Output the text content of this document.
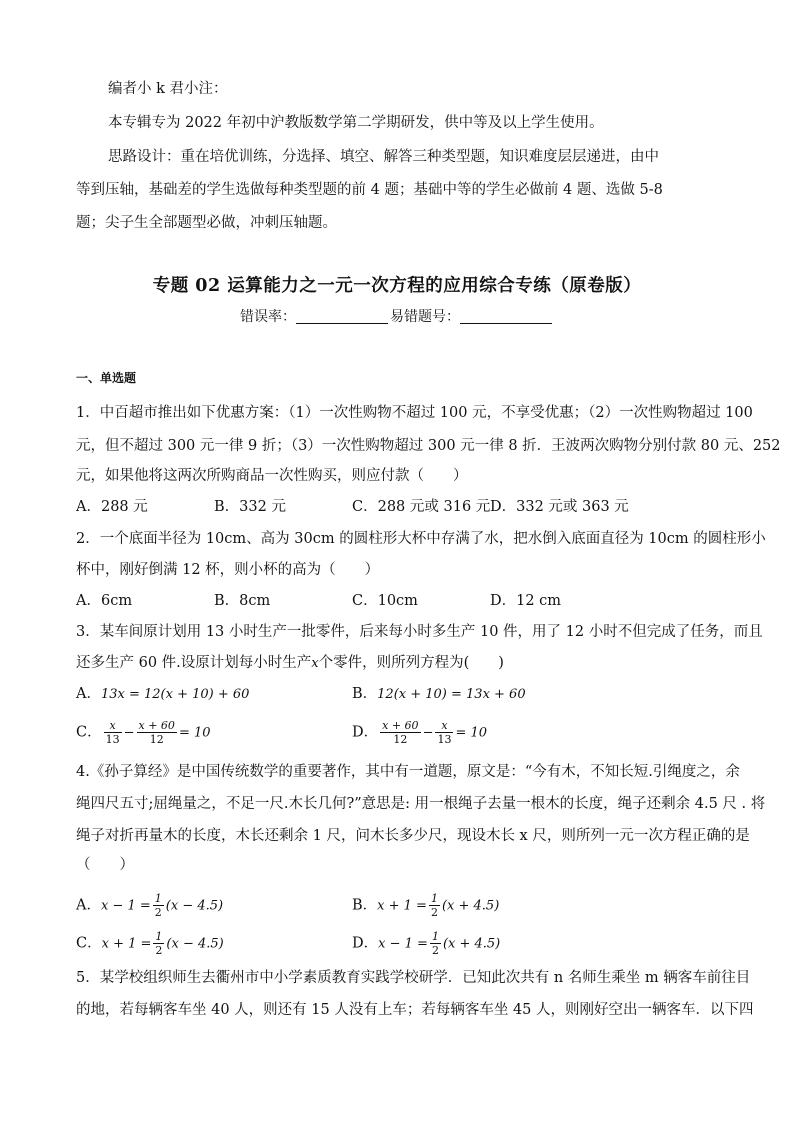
编者小 k 君小注：
本专辑专为 2022 年初中沪教版数学第二学期研发，供中等及以上学生使用。
思路设计：重在培优训练，分选择、填空、解答三种类型题，知识难度层层递进，由中
等到压轴，基础差的学生选做每种类型题的前 4 题；基础中等的学生必做前 4 题、选做 5-8
题；尖子生全部题型必做，冲刺压轴题。
专题 02 运算能力之一元一次方程的应用综合专练（原卷版）
错误率：	易错题号：
一、单选题
1．中百超市推出如下优惠方案：（1）一次性购物不超过 100 元，不享受优惠；（2）一次性购物超过 100
元，但不超过 300 元一律 9 折；（3）一次性购物超过 300 元一律 8 折．王波两次购物分别付款 80 元、252
元，如果他将这两次所购商品一次性购买，则应付款（　　）
A．288 元	B．332 元	C．288 元或 316 元 D．332 元或 363 元
2．一个底面半径为 10cm、高为 30cm 的圆柱形大杯中存满了水，把水倒入底面直径为 10cm 的圆柱形小
杯中，刚好倒满 12 杯，则小杯的高为（　　）
A．6cm	B．8cm	C．10cm	D．12 cm
3．某车间原计划用 13 小时生产一批零件，后来每小时多生产 10 件，用了 12 小时不但完成了任务，而且
还多生产 60 件.设原计划每小时生产x个零件，则所列方程为(　　)
A．13x = 12(x + 10) + 60	B．12(x + 10) = 13x + 60
C． $\frac{x}{13} - \frac{x + 60}{12} = 10$	D． $\frac{x + 60}{12} - \frac{x}{13} = 10$
4.《孙子算经》是中国传统数学的重要著作，其中有一道题，原文是：“今有木，不知长短.引绳度之，余
绳四尺五寸;屈绳量之，不足一尺.木长几何?”意思是: 用一根绳子去量一根木的长度，绳子还剩余 4.5 尺 . 将
绳子对折再量木的长度，木长还剩余 1 尺，问木长多少尺，现设木长 x 尺，则所列一元一次方程正确的是
（　　）
A．$x - 1 = \frac{1}{2} (x - 4.5)$	B．$x + 1 = \frac{1}{2} (x + 4.5)$
C．$x + 1 = \frac{1}{2} (x - 4.5)$	D．$x - 1 = \frac{1}{2} (x + 4.5)$
5．某学校组织师生去衢州市中小学素质教育实践学校研学．已知此次共有 n 名师生乘坐 m 辆客车前往目
的地，若每辆客车坐 40 人，则还有 15 人没有上车；若每辆客车坐 45 人，则刚好空出一辆客车．以下四
